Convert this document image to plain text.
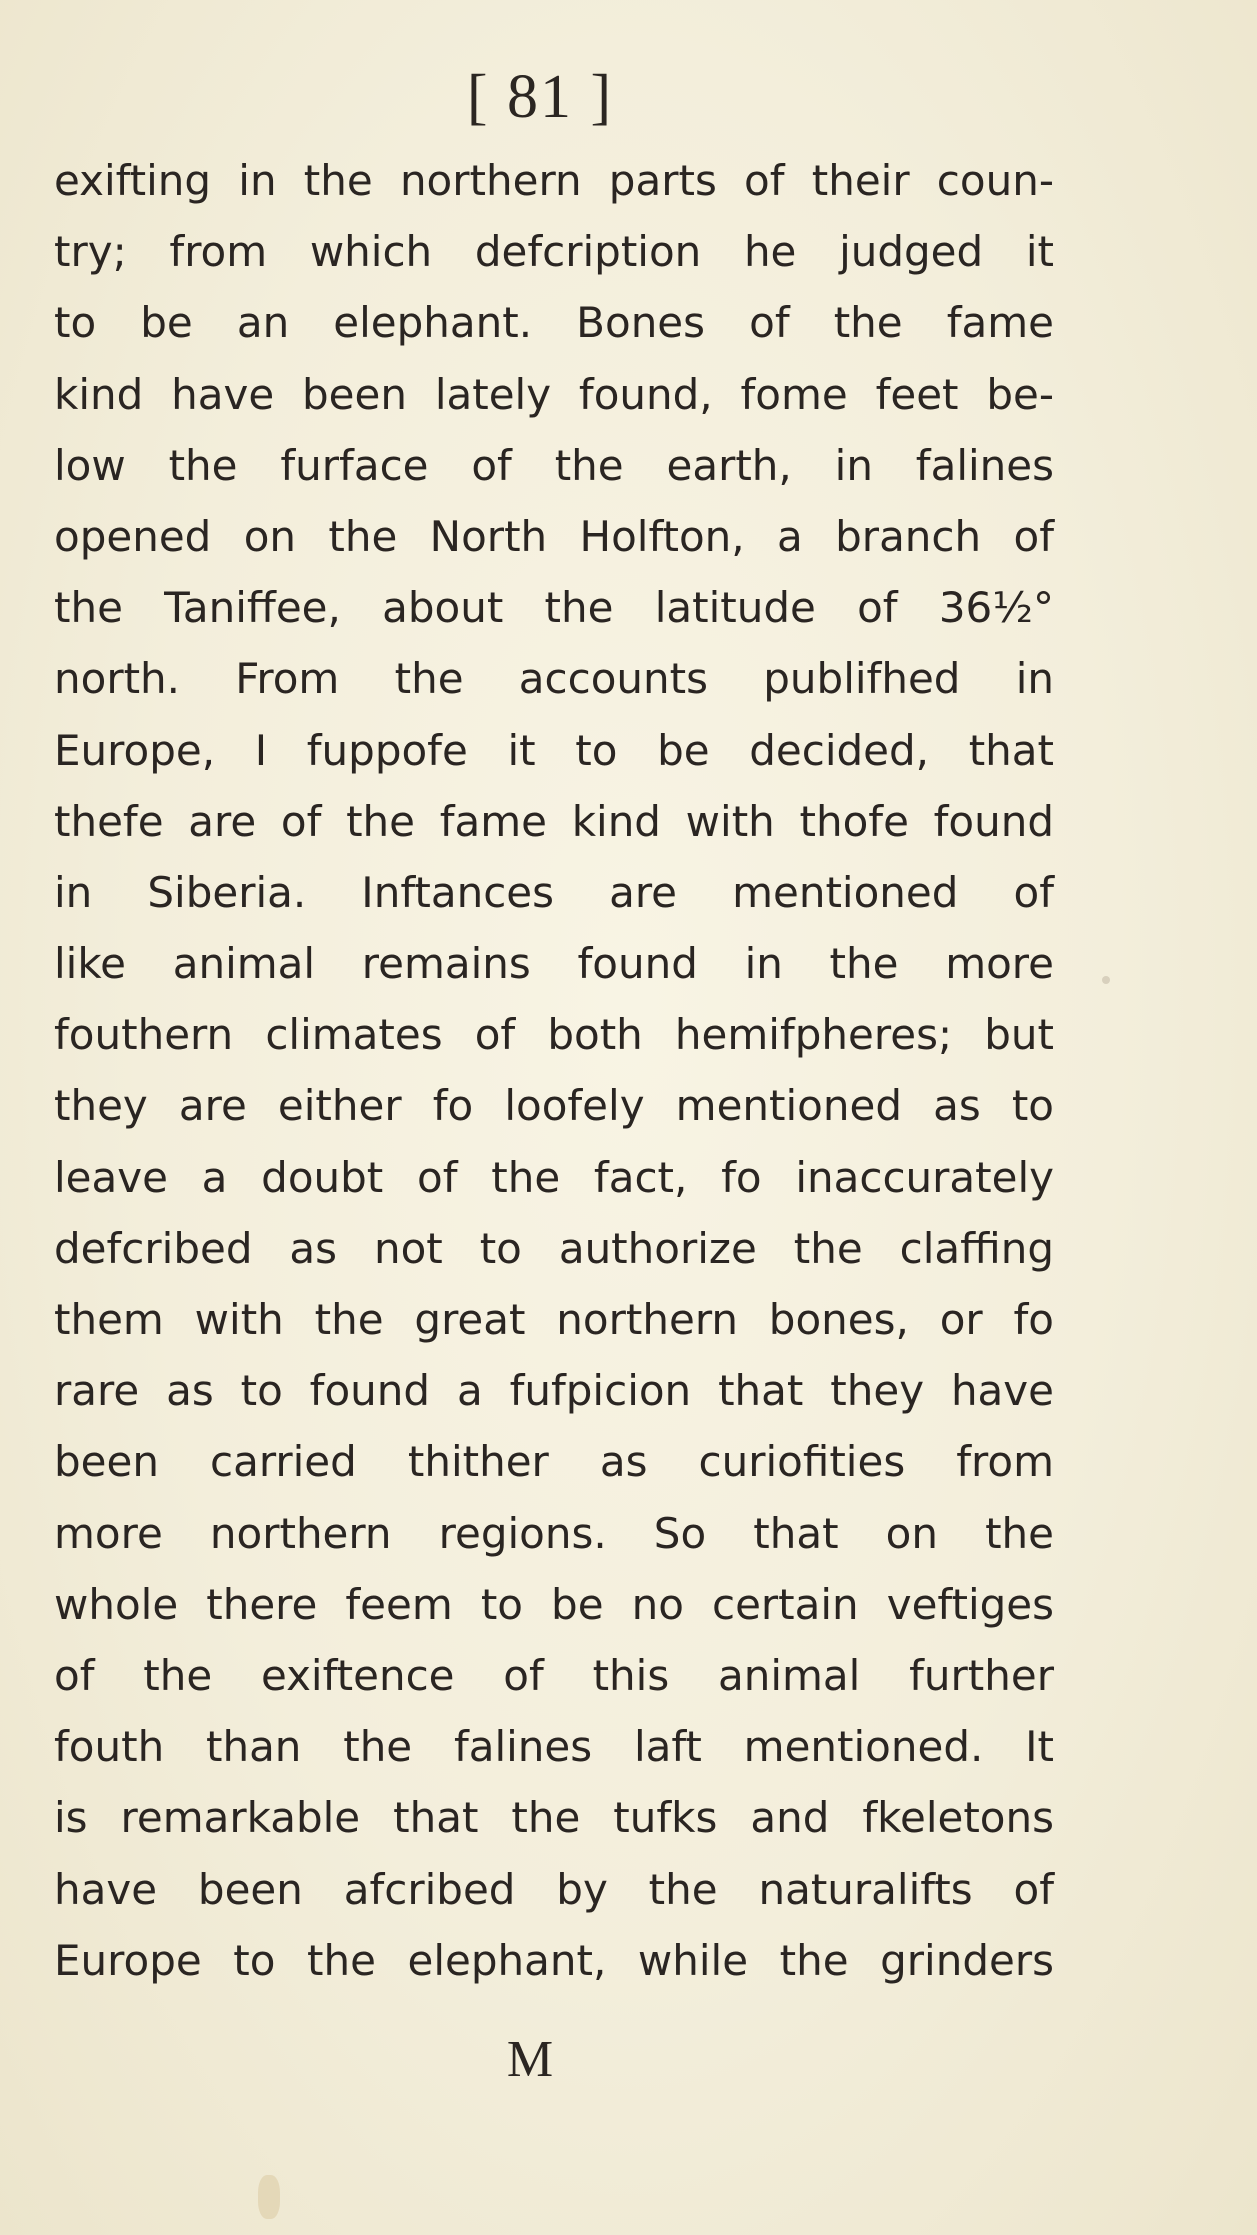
[ 81 ]
exifting in the northern parts of their coun-
try; from which defcription he judged it
to be an elephant. Bones of the fame
kind have been lately found, fome feet be-
low the furface of the earth, in falines
opened on the North Holfton, a branch of
the Taniffee, about the latitude of 36½°
north. From the accounts publifhed in
Europe, I fuppofe it to be decided, that
thefe are of the fame kind with thofe found
in Siberia. Inftances are mentioned of
like animal remains found in the more
fouthern climates of both hemifpheres; but
they are either fo loofely mentioned as to
leave a doubt of the fact, fo inaccurately
defcribed as not to authorize the claffing
them with the great northern bones, or fo
rare as to found a fufpicion that they have
been carried thither as curiofities from
more northern regions. So that on the
whole there feem to be no certain veftiges
of the exiftence of this animal further
fouth than the falines laft mentioned. It
is remarkable that the tufks and fkeletons
have been afcribed by the naturalifts of
Europe to the elephant, while the grinders
M
